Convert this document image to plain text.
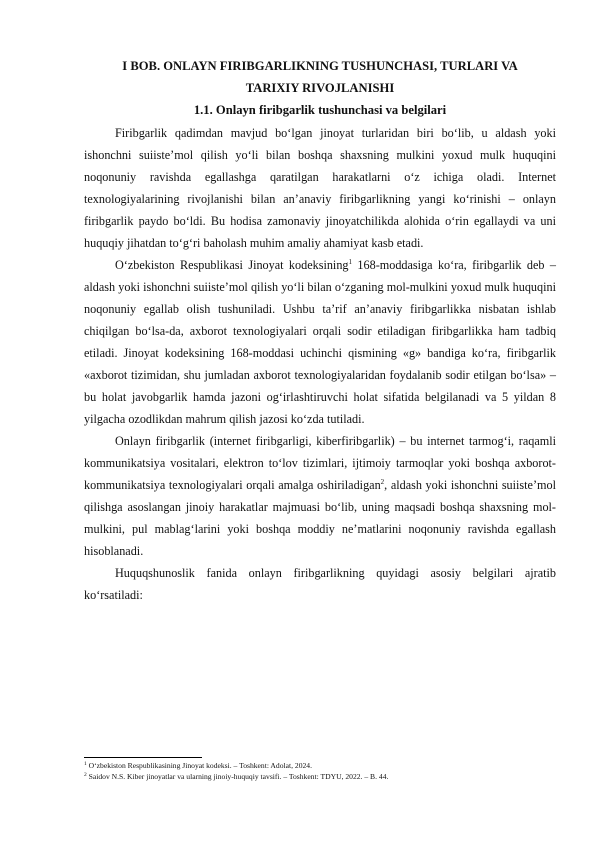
I BOB. ONLAYN FIRIBGARLIKNING TUSHUNCHASI, TURLARI VA
TARIXIY RIVOJLANISHI
1.1. Onlayn firibgarlik tushunchasi va belgilari

Firibgarlik qadimdan mavjud bo‘lgan jinoyat turlaridan biri bo‘lib, u aldash yoki ishonchni suiiste’mol qilish yo‘li bilan boshqa shaxsning mulkini yoxud mulk huquqini noqonuniy ravishda egallashga qaratilgan harakatlarni o‘z ichiga oladi. Internet texnologiyalarining rivojlanishi bilan an’anaviy firibgarlikning yangi ko‘rinishi – onlayn firibgarlik paydo bo‘ldi. Bu hodisa zamonaviy jinoyatchilikda alohida o‘rin egallaydi va uni huquqiy jihatdan to‘g‘ri baholash muhim amaliy ahamiyat kasb etadi.

O‘zbekiston Respublikasi Jinoyat kodeksining$^1$ 168-moddasiga ko‘ra, firibgarlik deb – aldash yoki ishonchni suiiste’mol qilish yo‘li bilan o‘zganing mol-mulkini yoxud mulk huquqini noqonuniy egallab olish tushuniladi. Ushbu ta’rif an’anaviy firibgarlikka nisbatan ishlab chiqilgan bo‘lsa-da, axborot texnologiyalari orqali sodir etiladigan firibgarlikka ham tadbiq etiladi. Jinoyat kodeksining 168-moddasi uchinchi qismining «g» bandiga ko‘ra, firibgarlik «axborot tizimidan, shu jumladan axborot texnologiyalaridan foydalanib sodir etilgan bo‘lsa» – bu holat javobgarlik hamda jazoni og‘irlashtiruvchi holat sifatida belgilanadi va 5 yildan 8 yilgacha ozodlikdan mahrum qilish jazosi ko‘zda tutiladi.

Onlayn firibgarlik (internet firibgarligi, kiberfiribgarlik) – bu internet tarmog‘i, raqamli kommunikatsiya vositalari, elektron to‘lov tizimlari, ijtimoiy tarmoqlar yoki boshqa axborot-kommunikatsiya texnologiyalari orqali amalga oshiriladigan$^2$, aldash yoki ishonchni suiiste’mol qilishga asoslangan jinoiy harakatlar majmuasi bo‘lib, uning maqsadi boshqa shaxsning mol-mulkini, pul mablag‘larini yoki boshqa moddiy ne’matlarini noqonuniy ravishda egallash hisoblanadi.

Huquqshunoslik fanida onlayn firibgarlikning quyidagi asosiy belgilari ajratib ko‘rsatiladi:

$^1$ O‘zbekiston Respublikasining Jinoyat kodeksi. – Toshkent: Adolat, 2024.
$^2$ Saidov N.S. Kiber jinoyatlar va ularning jinoiy-huquqiy tavsifi. – Toshkent: TDYU, 2022. – B. 44.
